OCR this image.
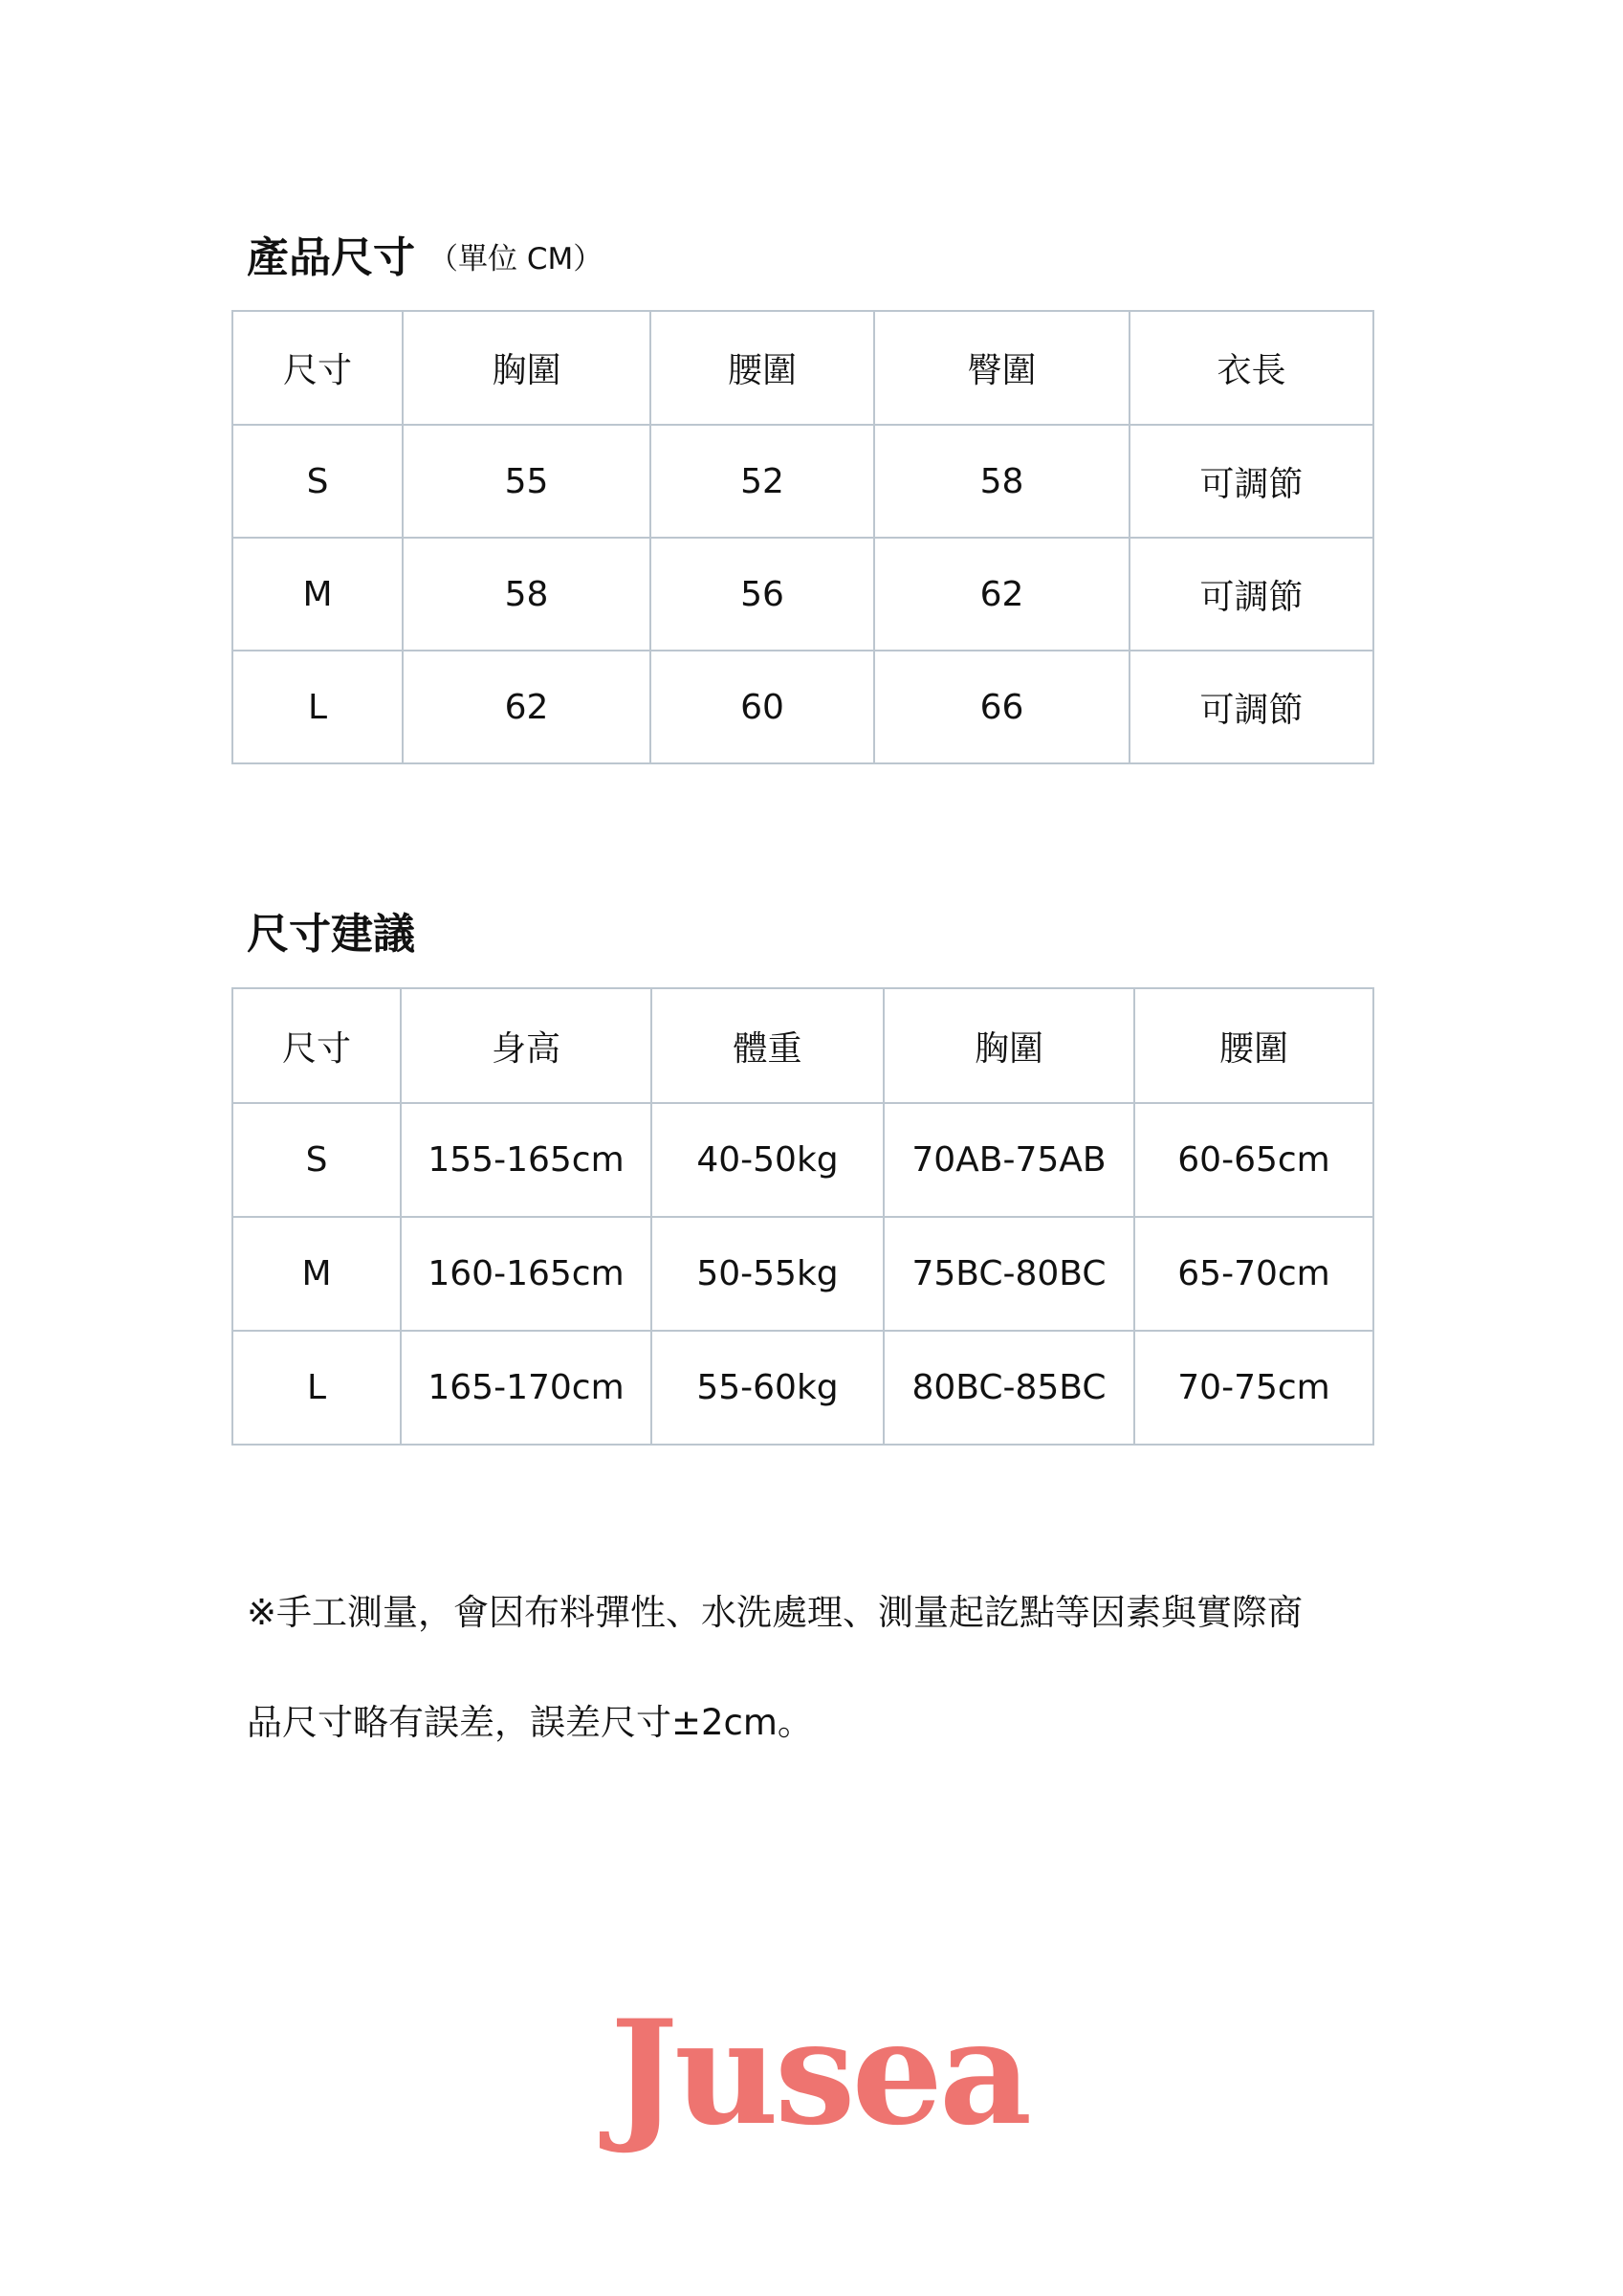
產品尺寸 （單位 CM）
尺寸	胸圍	腰圍	臀圍	衣長
S	55	52	58	可調節
M	58	56	62	可調節
L	62	60	66	可調節
尺寸建議
尺寸	身高	體重	胸圍	腰圍
S	155-165cm	40-50kg	70AB-75AB	60-65cm
M	160-165cm	50-55kg	75BC-80BC	65-70cm
L	165-170cm	55-60kg	80BC-85BC	70-75cm
※手工測量，會因布料彈性、水洗處理、測量起訖點等因素與實際商
品尺寸略有誤差，誤差尺寸±2cm。
Jusea
